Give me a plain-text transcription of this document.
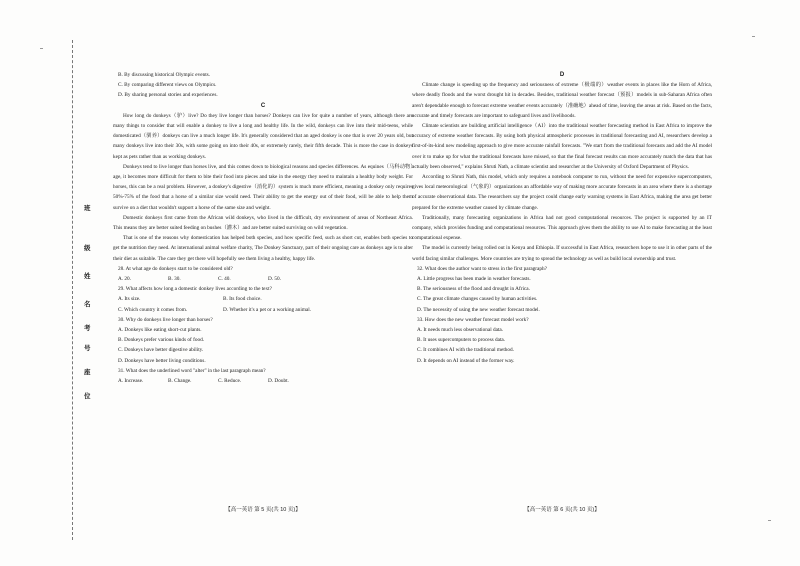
班
级
姓
名
考
号
座
位

B. By discussing historical Olympic events.

C. By comparing different views on Olympics.

D. By sharing personal stories and experiences.

C

How long do donkeys（驴）live? Do they live longer than horses? Donkeys can live for quite a number of years, although there are many things to consider that will enable a donkey to live a long and healthy life. In the wild, donkeys can live into their mid-teens, while domesticated（驯养）donkeys can live a much longer life. It's generally considered that an aged donkey is one that is over 20 years old, but many donkeys live into their 30s, with some going on into their 40s, or extremely rarely, their fifth decade. This is more the case in donkeys kept as pets rather than as working donkeys.

Donkeys tend to live longer than horses live, and this comes down to biological reasons and species differences. As equines（马科动物）age, it becomes more difficult for them to bite their food into pieces and take in the energy they need to maintain a healthy body weight. For horses, this can be a real problem. However, a donkey's digestive（消化的）system is much more efficient, meaning a donkey only requires 50%-75% of the food that a horse of a similar size would need. Their ability to get the energy out of their food, will be able to help them survive on a diet that wouldn't support a horse of the same size and weight.

Domestic donkeys first came from the African wild donkeys, who lived in the difficult, dry environment of areas of Northeast Africa. This means they are better suited feeding on bushes（灌木）and are better suited surviving on wild vegetation.

That is one of the reasons why domestication has helped both species, and how specific feed, such as short cut, enables both species to get the nutrition they need. At international animal welfare charity, The Donkey Sanctuary, part of their ongoing care as donkeys age is to alter their diet as suitable. The care they get there will hopefully see them living a healthy, happy life.

28. At what age do donkeys start to be considered old?

A. 20.	B. 30.	C. 40.	D. 50.

29. What affects how long a domestic donkey lives according to the text?

A. Its size.	B. Its food choice.
C. Which country it comes from.	D. Whether it's a pet or a working animal.

30. Why do donkeys live longer than horses?

A. Donkeys like eating short-cut plants.

B. Donkeys prefer various kinds of food.

C. Donkeys have better digestive ability.

D. Donkeys have better living conditions.

31. What does the underlined word "alter" in the last paragraph mean?

A. Increase.	B. Change.	C. Reduce.	D. Doubt.

D

Climate change is speeding up the frequency and seriousness of extreme（极端的）weather events in places like the Horn of Africa, where deadly floods and the worst drought hit in decades. Besides, traditional weather forecast（预报）models in sub-Saharan Africa often aren't dependable enough to forecast extreme weather events accurately（准确地）ahead of time, leaving the areas at risk. Based on the facts, accurate and timely forecasts are important to safeguard lives and livelihoods.

Climate scientists are building artificial intelligence（AI）into the traditional weather forecasting method in East Africa to improve the accuracy of extreme weather forecasts. By using both physical atmospheric processes in traditional forecasting and AI, researchers develop a first-of-its-kind new modeling approach to give more accurate rainfall forecasts. "We start from the traditional forecasts and add the AI model over it to make up for what the traditional forecasts have missed, so that the final forecast results can more accurately match the data that has actually been observed," explains Shruti Nath, a climate scientist and researcher at the University of Oxford Department of Physics.

According to Shruti Nath, this model, which only requires a notebook computer to run, without the need for expensive supercomputers, gives local meteorological（气象的）organizations an affordable way of making more accurate forecasts in an area where there is a shortage of accurate observational data. The researchers say the project could change early warning systems in East Africa, making the area get better prepared for the extreme weather caused by climate change.

Traditionally, many forecasting organizations in Africa had not good computational resources. The project is supported by an IT company, which provides funding and computational resources. This approach gives them the ability to use AI to make forecasting at the least computational expense.

The model is currently being rolled out in Kenya and Ethiopia. If successful in East Africa, researchers hope to use it in other parts of the world facing similar challenges. More countries are trying to spread the technology as well as build local ownership and trust.

32. What does the author want to stress in the first paragraph?

A. Little progress has been made in weather forecasts.

B. The seriousness of the flood and drought in Africa.

C. The great climate changes caused by human activities.

D. The necessity of using the new weather forecast model.

33. How does the new weather forecast model work?

A. It needs much less observational data.

B. It uses supercomputers to process data.

C. It combines AI with the traditional method.

D. It depends on AI instead of the former way.

【高一英语 第 5 页(共 10 页)】	【高一英语 第 6 页(共 10 页)】
